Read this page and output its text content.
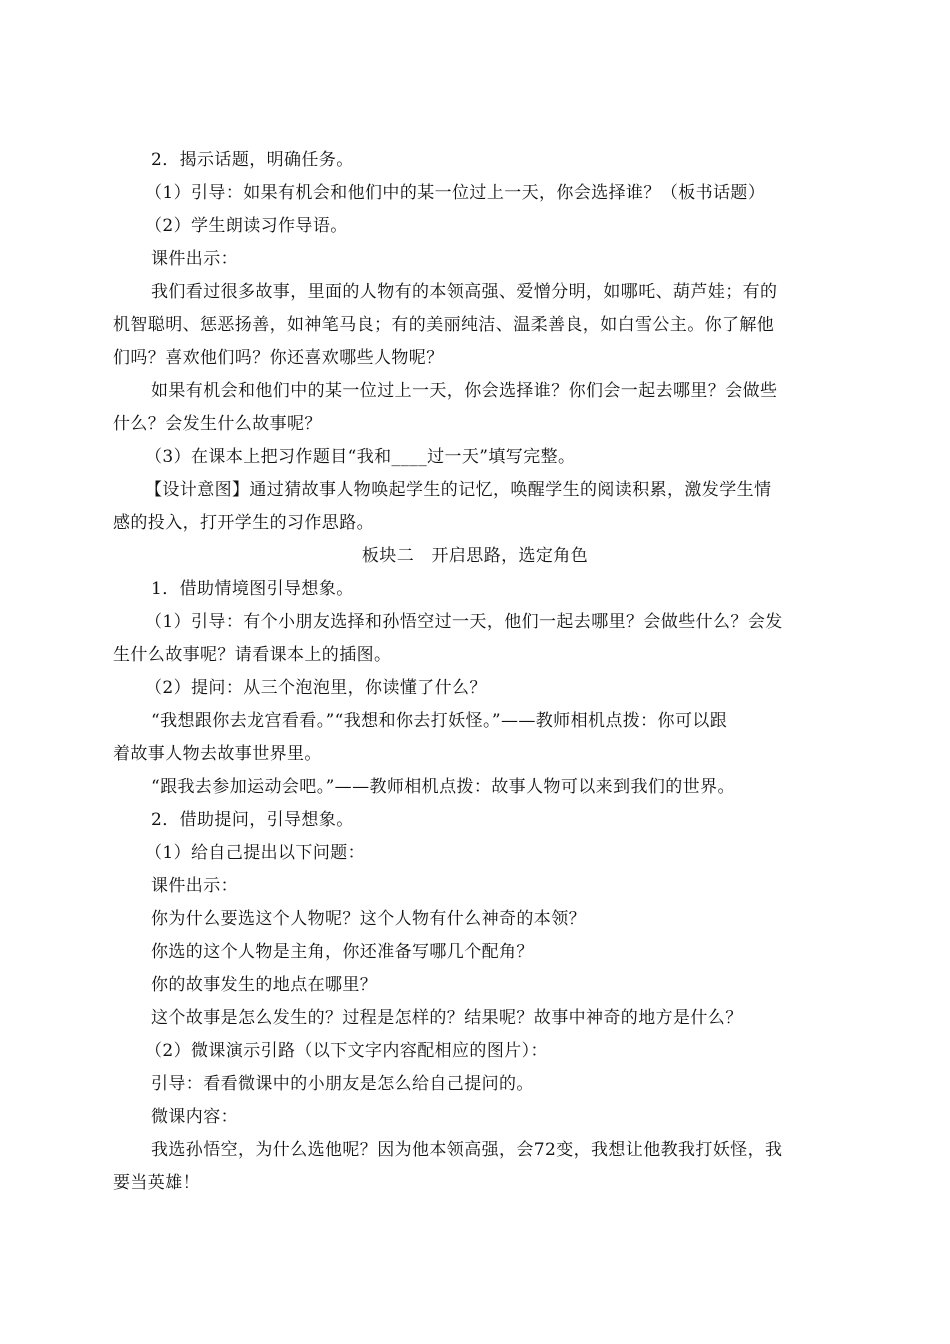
2．揭示话题，明确任务。
（1）引导：如果有机会和他们中的某一位过上一天，你会选择谁？（板书话题）
（2）学生朗读习作导语。
课件出示：
我们看过很多故事，里面的人物有的本领高强、爱憎分明，如哪吒、葫芦娃；有的
机智聪明、惩恶扬善，如神笔马良；有的美丽纯洁、温柔善良，如白雪公主。你了解他
们吗？喜欢他们吗？你还喜欢哪些人物呢？
如果有机会和他们中的某一位过上一天，你会选择谁？你们会一起去哪里？会做些
什么？会发生什么故事呢？
（3）在课本上把习作题目“我和____过一天”填写完整。
【设计意图】通过猜故事人物唤起学生的记忆，唤醒学生的阅读积累，激发学生情
感的投入，打开学生的习作思路。
板块二　开启思路，选定角色
1．借助情境图引导想象。
（1）引导：有个小朋友选择和孙悟空过一天，他们一起去哪里？会做些什么？会发
生什么故事呢？请看课本上的插图。
（2）提问：从三个泡泡里，你读懂了什么？
“我想跟你去龙宫看看。”“我想和你去打妖怪。”——教师相机点拨：你可以跟
着故事人物去故事世界里。
“跟我去参加运动会吧。”——教师相机点拨：故事人物可以来到我们的世界。
2．借助提问，引导想象。
（1）给自己提出以下问题：
课件出示：
你为什么要选这个人物呢？这个人物有什么神奇的本领？
你选的这个人物是主角，你还准备写哪几个配角？
你的故事发生的地点在哪里？
这个故事是怎么发生的？过程是怎样的？结果呢？故事中神奇的地方是什么？
（2）微课演示引路（以下文字内容配相应的图片）：
引导：看看微课中的小朋友是怎么给自己提问的。
微课内容：
我选孙悟空，为什么选他呢？因为他本领高强，会72变，我想让他教我打妖怪，我
要当英雄！
